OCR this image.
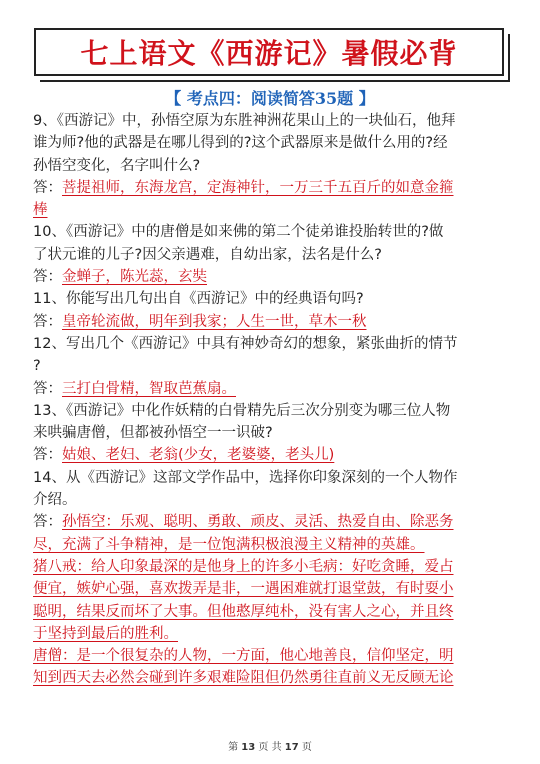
七上语文《西游记》暑假必背
【 考点四：阅读简答35题 】
9、《西游记》中，孙悟空原为东胜神洲花果山上的一块仙石，他拜
谁为师?他的武器是在哪儿得到的?这个武器原来是做什么用的?经
孙悟空变化，名字叫什么?
答：菩提祖师，东海龙宫，定海神针，一万三千五百斤的如意金箍
棒
10、《西游记》中的唐僧是如来佛的第二个徒弟谁投胎转世的?做
了状元谁的儿子?因父亲遇难，自幼出家，法名是什么?
答：金蝉子，陈光蕊，玄奘
11、你能写出几句出自《西游记》中的经典语句吗?
答：皇帝轮流做，明年到我家；人生一世，草木一秋
12、写出几个《西游记》中具有神妙奇幻的想象，紧张曲折的情节
?
答：三打白骨精，智取芭蕉扇。
13、《西游记》中化作妖精的白骨精先后三次分别变为哪三位人物
来哄骗唐僧，但都被孙悟空一一识破?
答：姑娘、老妇、老翁(少女，老婆婆，老头儿)
14、从《西游记》这部文学作品中，选择你印象深刻的一个人物作
介绍。
答：孙悟空：乐观、聪明、勇敢、顽皮、灵活、热爱自由、除恶务
尽，充满了斗争精神，是一位饱满积极浪漫主义精神的英雄。
猪八戒：给人印象最深的是他身上的许多小毛病：好吃贪睡，爱占
便宜，嫉妒心强，喜欢拨弄是非，一遇困难就打退堂鼓，有时耍小
聪明，结果反而坏了大事。但他憨厚纯朴，没有害人之心，并且终
于坚持到最后的胜利。
唐僧：是一个很复杂的人物，一方面，他心地善良，信仰坚定，明
知到西天去必然会碰到许多艰难险阻但仍然勇往直前义无反顾无论
第 13 页 共 17 页
